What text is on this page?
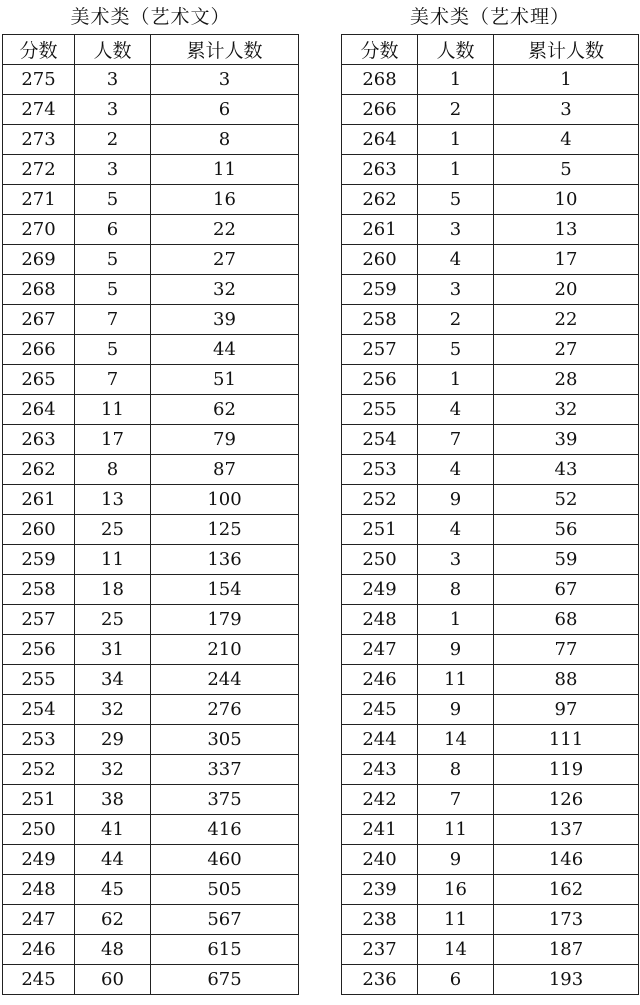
美术类（艺术文）
分数	人数	累计人数
275	3	3
274	3	6
273	2	8
272	3	11
271	5	16
270	6	22
269	5	27
268	5	32
267	7	39
266	5	44
265	7	51
264	11	62
263	17	79
262	8	87
261	13	100
260	25	125
259	11	136
258	18	154
257	25	179
256	31	210
255	34	244
254	32	276
253	29	305
252	32	337
251	38	375
250	41	416
249	44	460
248	45	505
247	62	567
246	48	615
245	60	675
美术类（艺术理）
分数	人数	累计人数
268	1	1
266	2	3
264	1	4
263	1	5
262	5	10
261	3	13
260	4	17
259	3	20
258	2	22
257	5	27
256	1	28
255	4	32
254	7	39
253	4	43
252	9	52
251	4	56
250	3	59
249	8	67
248	1	68
247	9	77
246	11	88
245	9	97
244	14	111
243	8	119
242	7	126
241	11	137
240	9	146
239	16	162
238	11	173
237	14	187
236	6	193
